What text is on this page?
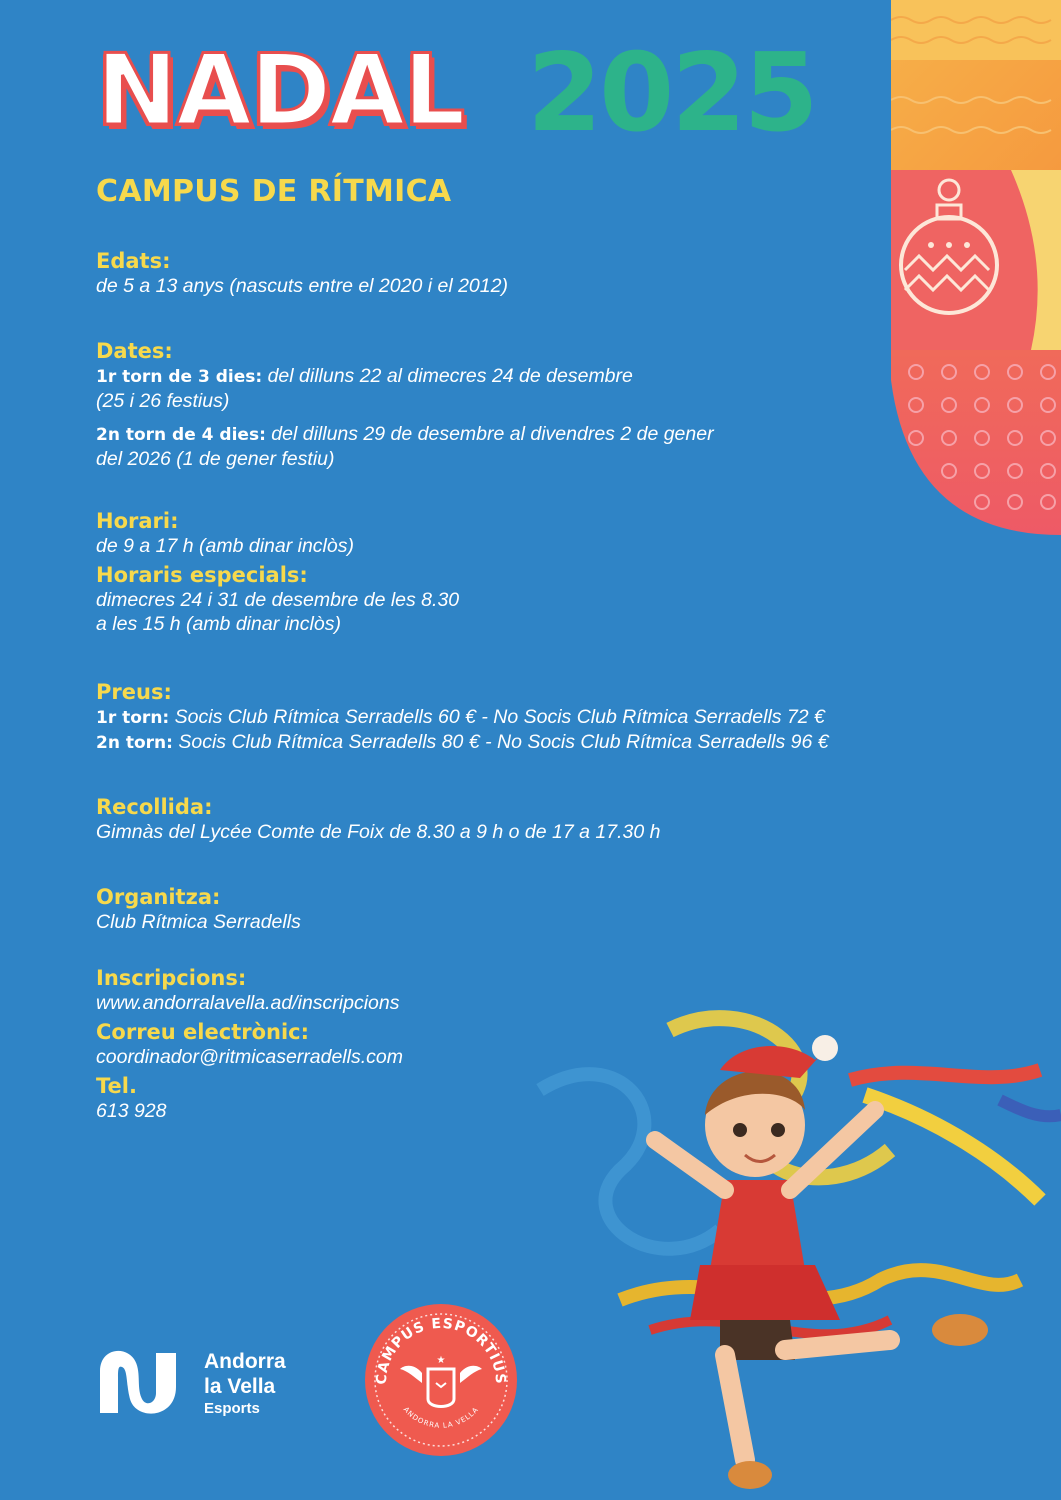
NADAL 2025
CAMPUS DE RÍTMICA
Edats:
de 5 a 13 anys (nascuts entre el 2020 i el 2012)
Dates:
1r torn de 3 dies: del dilluns 22 al dimecres 24 de desembre
(25 i 26 festius)
2n torn de 4 dies: del dilluns 29 de desembre al divendres 2 de gener
del 2026 (1 de gener festiu)
Horari:
de 9 a 17 h (amb dinar inclòs)
Horaris especials:
dimecres 24 i 31 de desembre de les 8.30
a les 15 h (amb dinar inclòs)
Preus:
1r torn: Socis Club Rítmica Serradells 60 € - No Socis Club Rítmica Serradells 72 €
2n torn: Socis Club Rítmica Serradells 80 € - No Socis Club Rítmica Serradells 96 €
Recollida:
Gimnàs del Lycée Comte de Foix de 8.30 a 9 h o de 17 a 17.30 h
Organitza:
Club Rítmica Serradells
Inscripcions:
www.andorralavella.ad/inscripcions
Correu electrònic:
coordinador@ritmicaserradells.com
Tel.
613 928
Andorra
la Vella
Esports
CAMPUS ESPORTIUS
ANDORRA LA VELLA
★
